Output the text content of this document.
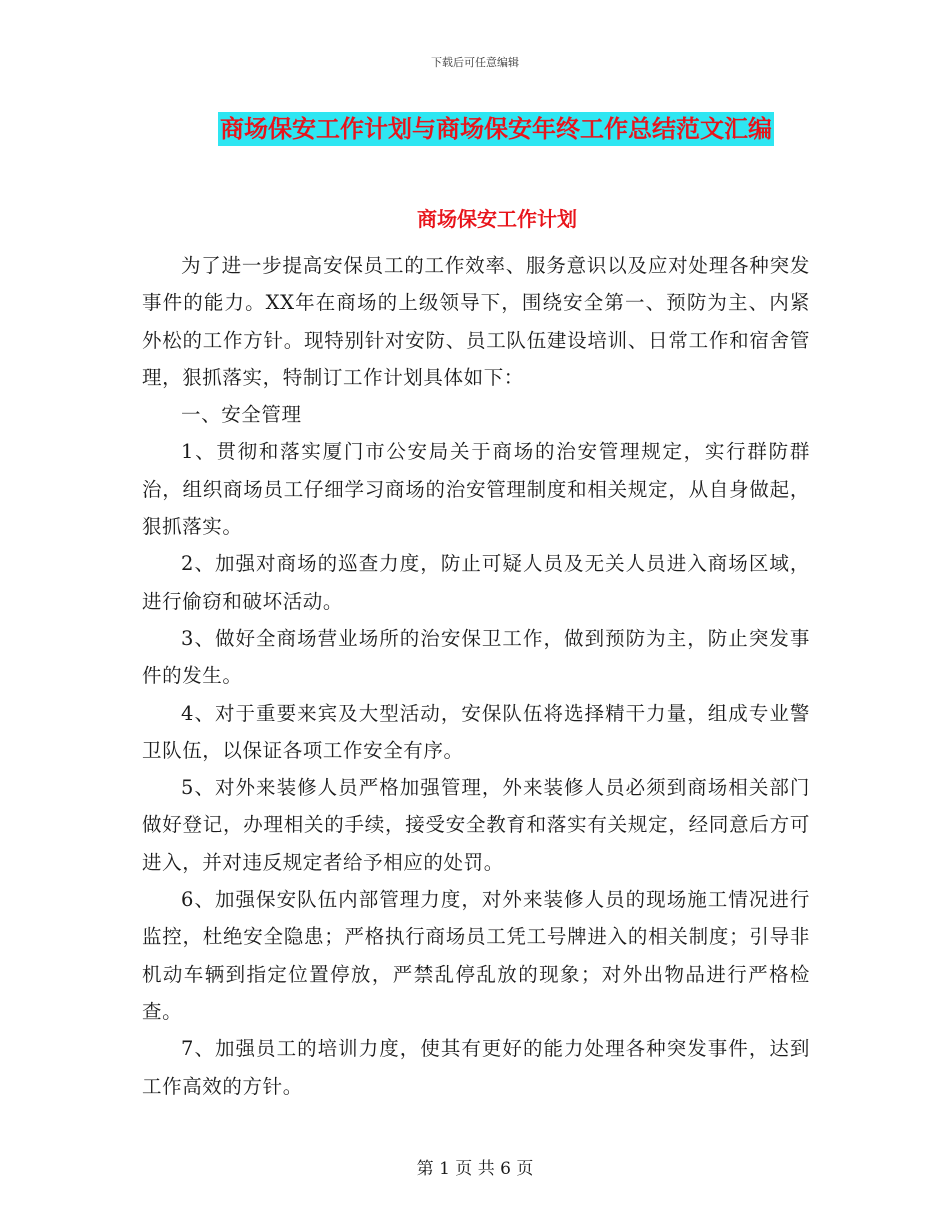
下载后可任意编辑
商场保安工作计划与商场保安年终工作总结范文汇编
商场保安工作计划

为了进一步提高安保员工的工作效率、服务意识以及应对处理各种突发事件的能力。XX年在商场的上级领导下，围绕安全第一、预防为主、内紧外松的工作方针。现特别针对安防、员工队伍建设培训、日常工作和宿舍管理，狠抓落实，特制订工作计划具体如下：

一、安全管理

1、贯彻和落实厦门市公安局关于商场的治安管理规定，实行群防群治，组织商场员工仔细学习商场的治安管理制度和相关规定，从自身做起，狠抓落实。

2、加强对商场的巡查力度，防止可疑人员及无关人员进入商场区域，进行偷窃和破坏活动。

3、做好全商场营业场所的治安保卫工作，做到预防为主，防止突发事件的发生。

4、对于重要来宾及大型活动，安保队伍将选择精干力量，组成专业警卫队伍，以保证各项工作安全有序。

5、对外来装修人员严格加强管理，外来装修人员必须到商场相关部门做好登记，办理相关的手续，接受安全教育和落实有关规定，经同意后方可进入，并对违反规定者给予相应的处罚。

6、加强保安队伍内部管理力度，对外来装修人员的现场施工情况进行监控，杜绝安全隐患；严格执行商场员工凭工号牌进入的相关制度；引导非机动车辆到指定位置停放，严禁乱停乱放的现象；对外出物品进行严格检查。

7、加强员工的培训力度，使其有更好的能力处理各种突发事件，达到工作高效的方针。

第 1 页 共 6 页
